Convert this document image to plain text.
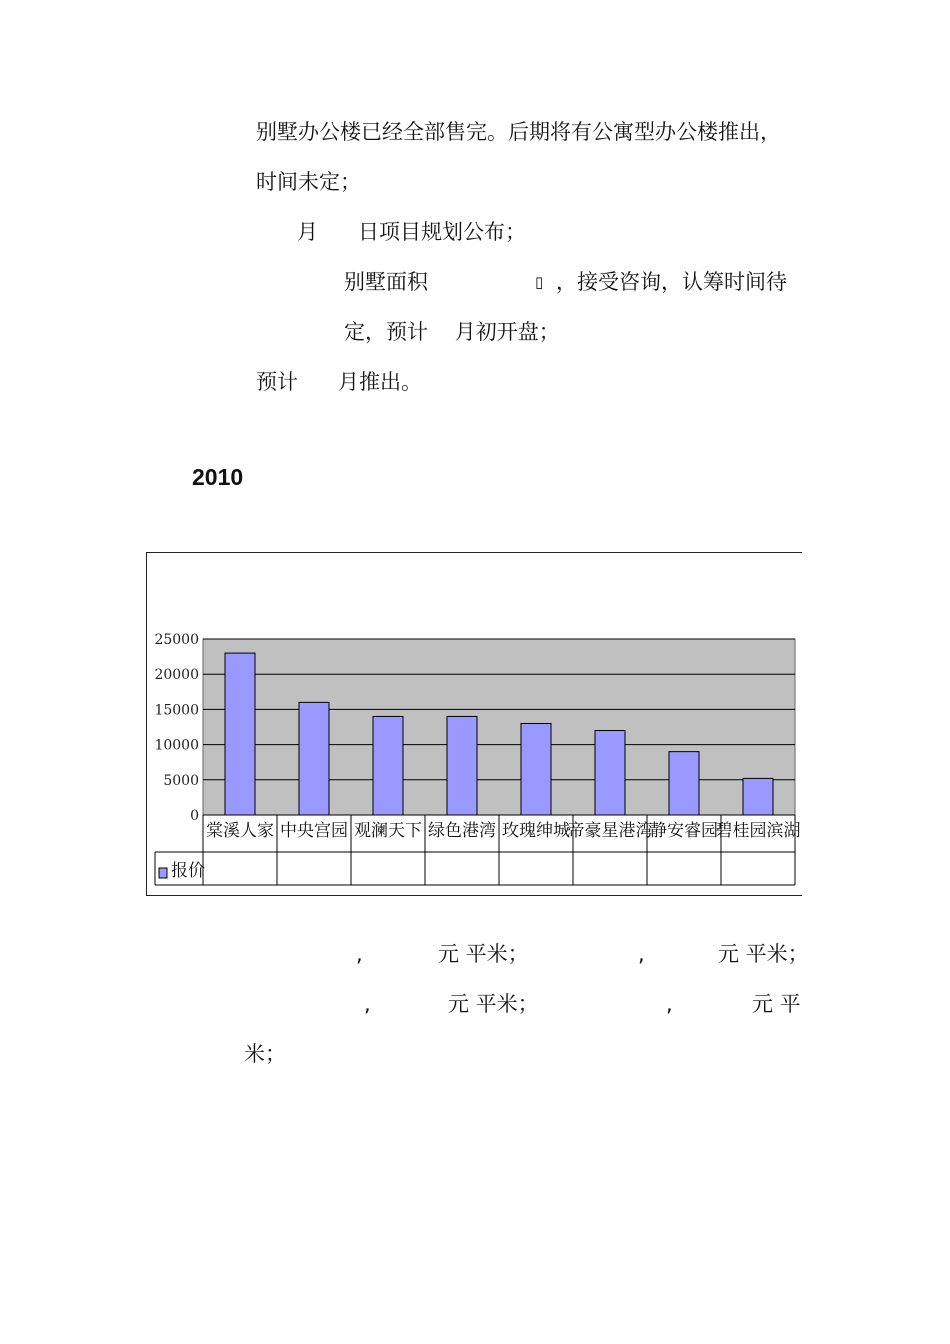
别墅办公楼已经全部售完。后期将有公寓型办公楼推出，
时间未定；
月 日项目规划公布；
别墅面积	▯ ，接受咨询，认筹时间待
定，预计    月初开盘；
预计      月推出。
2010
25000
20000
15000
10000
5000
0
棠溪人家 中央宫园 观澜天下 绿色港湾 玫瑰绅城
帝豪星港湾
静安睿园
碧桂园滨湖
报价
,	元 平米；	,	元 平米；
,	元 平米；	,	元 平
米；
